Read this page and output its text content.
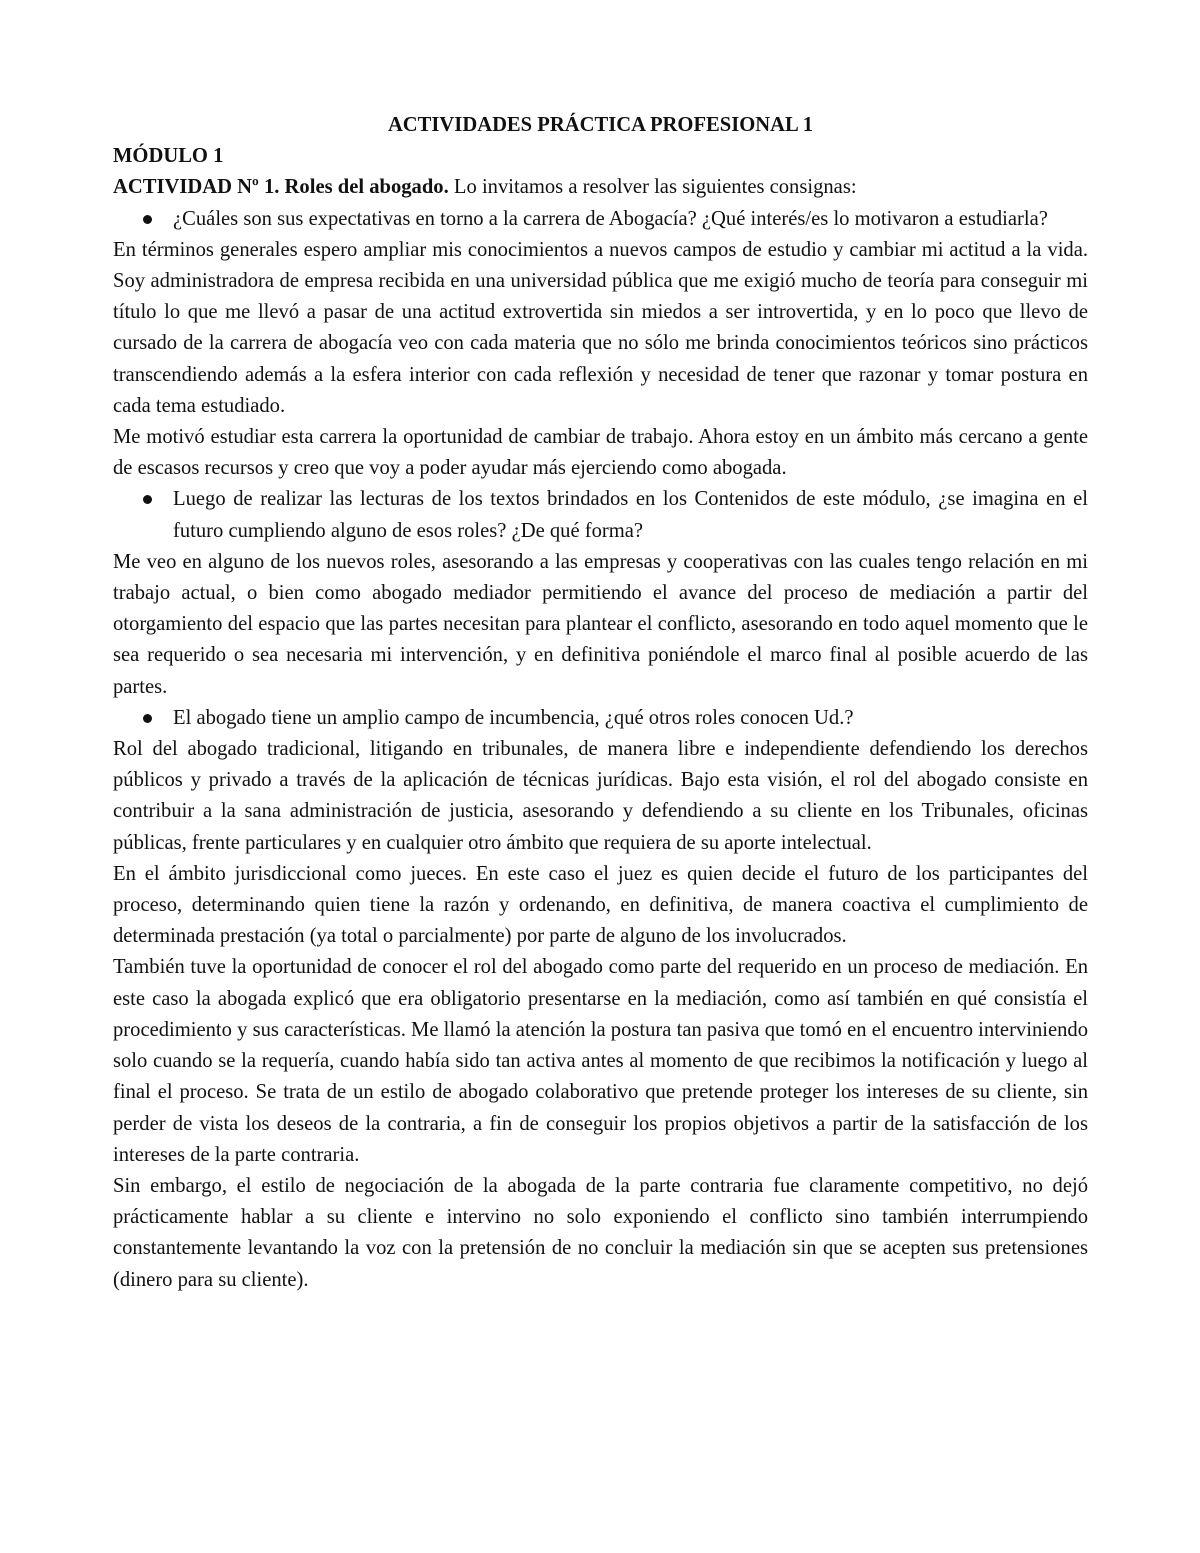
ACTIVIDADES PRÁCTICA PROFESIONAL 1

MÓDULO 1

ACTIVIDAD Nº 1. Roles del abogado. Lo invitamos a resolver las siguientes consignas:

¿Cuáles son sus expectativas en torno a la carrera de Abogacía? ¿Qué interés/es lo motivaron a estudiarla?

En términos generales espero ampliar mis conocimientos a nuevos campos de estudio y cambiar mi actitud a la vida. Soy administradora de empresa recibida en una universidad pública que me exigió mucho de teoría para conseguir mi título lo que me llevó a pasar de una actitud extrovertida sin miedos a ser introvertida, y en lo poco que llevo de cursado de la carrera de abogacía veo con cada materia que no sólo me brinda conocimientos teóricos sino prácticos transcendiendo además a la esfera interior con cada reflexión y necesidad de tener que razonar y tomar postura en cada tema estudiado.

Me motivó estudiar esta carrera la oportunidad de cambiar de trabajo. Ahora estoy en un ámbito más cercano a gente de escasos recursos y creo que voy a poder ayudar más ejerciendo como abogada.

Luego de realizar las lecturas de los textos brindados en los Contenidos de este módulo, ¿se imagina en el futuro cumpliendo alguno de esos roles? ¿De qué forma?

Me veo en alguno de los nuevos roles, asesorando a las empresas y cooperativas con las cuales tengo relación en mi trabajo actual, o bien como abogado mediador permitiendo el avance del proceso de mediación a partir del otorgamiento del espacio que las partes necesitan para plantear el conflicto, asesorando en todo aquel momento que le sea requerido o sea necesaria mi intervención, y en definitiva poniéndole el marco final al posible acuerdo de las partes.

El abogado tiene un amplio campo de incumbencia, ¿qué otros roles conocen Ud.?

Rol del abogado tradicional, litigando en tribunales, de manera libre e independiente defendiendo los derechos públicos y privado a través de la aplicación de técnicas jurídicas. Bajo esta visión, el rol del abogado consiste en contribuir a la sana administración de justicia, asesorando y defendiendo a su cliente en los Tribunales, oficinas públicas, frente particulares y en cualquier otro ámbito que requiera de su aporte intelectual.

En el ámbito jurisdiccional como jueces. En este caso el juez es quien decide el futuro de los participantes del proceso, determinando quien tiene la razón y ordenando, en definitiva, de manera coactiva el cumplimiento de determinada prestación (ya total o parcialmente) por parte de alguno de los involucrados.

También tuve la oportunidad de conocer el rol del abogado como parte del requerido en un proceso de mediación. En este caso la abogada explicó que era obligatorio presentarse en la mediación, como así también en qué consistía el procedimiento y sus características. Me llamó la atención la postura tan pasiva que tomó en el encuentro interviniendo solo cuando se la requería, cuando había sido tan activa antes al momento de que recibimos la notificación y luego al final el proceso. Se trata de un estilo de abogado colaborativo que pretende proteger los intereses de su cliente, sin perder de vista los deseos de la contraria, a fin de conseguir los propios objetivos a partir de la satisfacción de los intereses de la parte contraria.

Sin embargo, el estilo de negociación de la abogada de la parte contraria fue claramente competitivo, no dejó prácticamente hablar a su cliente e intervino no solo exponiendo el conflicto sino también interrumpiendo constantemente levantando la voz con la pretensión de no concluir la mediación sin que se acepten sus pretensiones (dinero para su cliente).
